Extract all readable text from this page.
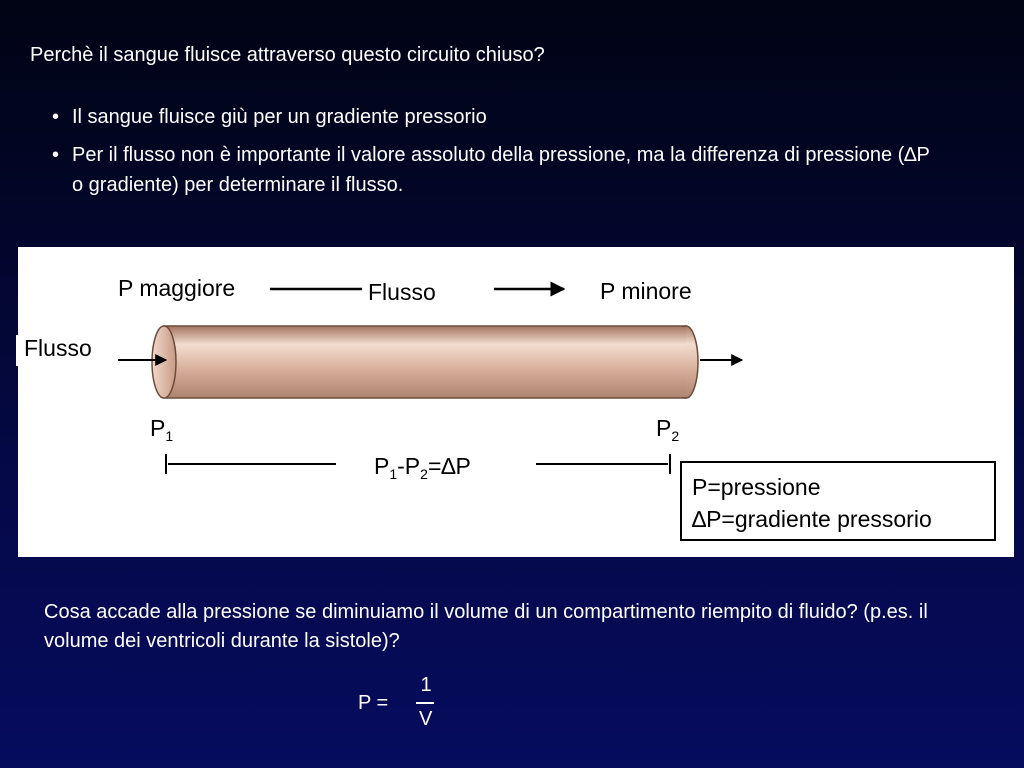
Perchè il sangue fluisce attraverso questo circuito chiuso?
• Il sangue fluisce giù per un gradiente pressorio
• Per il flusso non è importante il valore assoluto della pressione, ma la differenza di pressione (∆P o gradiente) per determinare il flusso.
P maggiore	Flusso	P minore
Flusso
$P_1$	$P_2$
$P_1-P_2=\Delta P$
P=pressione
∆P=gradiente pressorio
Cosa accade alla pressione se diminuiamo il volume di un compartimento riempito di fluido? (p.es. il volume dei ventricoli durante la sistole)?
P =
1
V
